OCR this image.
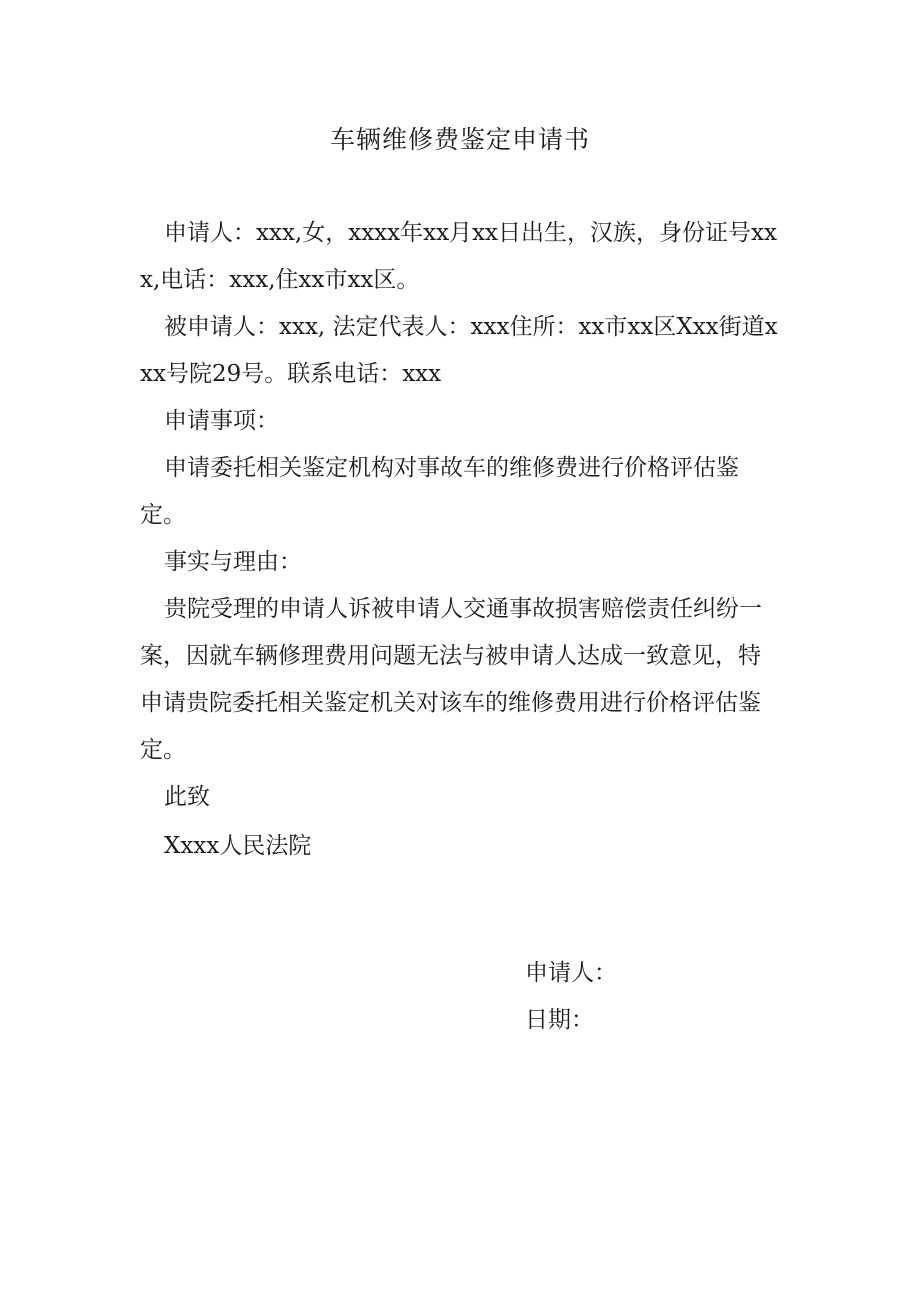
车辆维修费鉴定申请书

申请人：xxx,女，xxxx年xx月xx日出生，汉族，身份证号xxx,电话：xxx,住xx市xx区。

被申请人：xxx, 法定代表人：xxx住所：xx市xx区Xxx街道xxx号院29号。联系电话：xxx

申请事项：

申请委托相关鉴定机构对事故车的维修费进行价格评估鉴定。

事实与理由：

贵院受理的申请人诉被申请人交通事故损害赔偿责任纠纷一案，因就车辆修理费用问题无法与被申请人达成一致意见，特申请贵院委托相关鉴定机关对该车的维修费用进行价格评估鉴定。

此致

Xxxx人民法院

申请人：
日期：
